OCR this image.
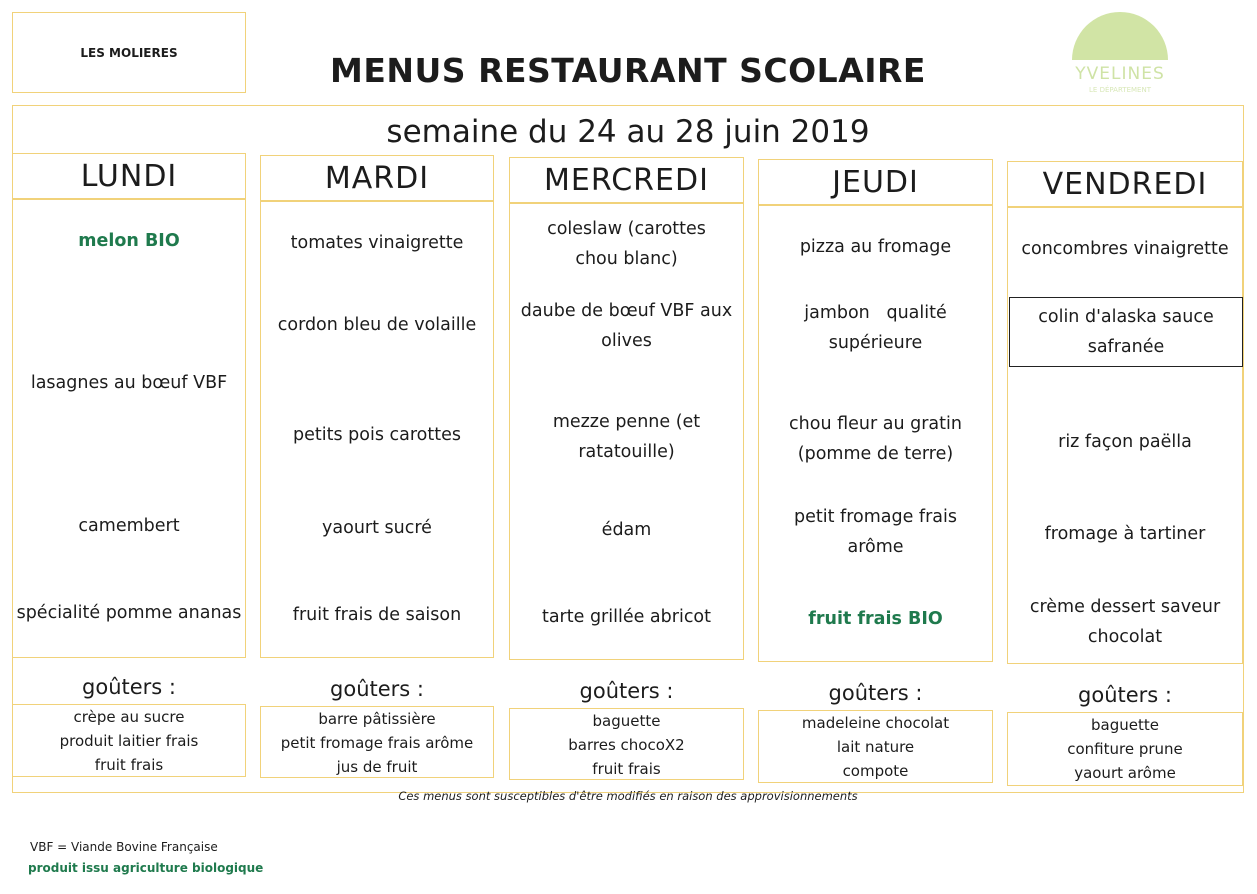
LES MOLIERES	MENUS RESTAURANT SCOLAIRE	YVELINES
LE DÉPARTEMENT
semaine du 24 au 28 juin 2019
LUNDI
melon BIO
lasagnes au bœuf VBF
camembert
spécialité pomme ananas
goûters :
crèpe au sucre
produit laitier frais
fruit frais
MARDI
tomates vinaigrette
cordon bleu de volaille
petits pois carottes
yaourt sucré
fruit frais de saison
goûters :
barre pâtissière
petit fromage frais arôme
jus de fruit
MERCREDI
coleslaw (carottes chou blanc)
daube de bœuf VBF aux olives
mezze penne (et ratatouille)
édam
tarte grillée abricot
goûters :
baguette
barres chocoX2
fruit frais
JEUDI
pizza au fromage
jambon   qualité supérieure
chou fleur au gratin (pomme de terre)
petit fromage frais arôme
fruit frais BIO
goûters :
madeleine chocolat
lait nature
compote
VENDREDI
concombres vinaigrette
colin d'alaska sauce safranée
riz façon paëlla
fromage à tartiner
crème dessert saveur chocolat
goûters :
baguette
confiture prune
yaourt arôme
Ces menus sont susceptibles d'être modifiés en raison des approvisionnements
VBF = Viande Bovine Française
produit issu agriculture biologique
